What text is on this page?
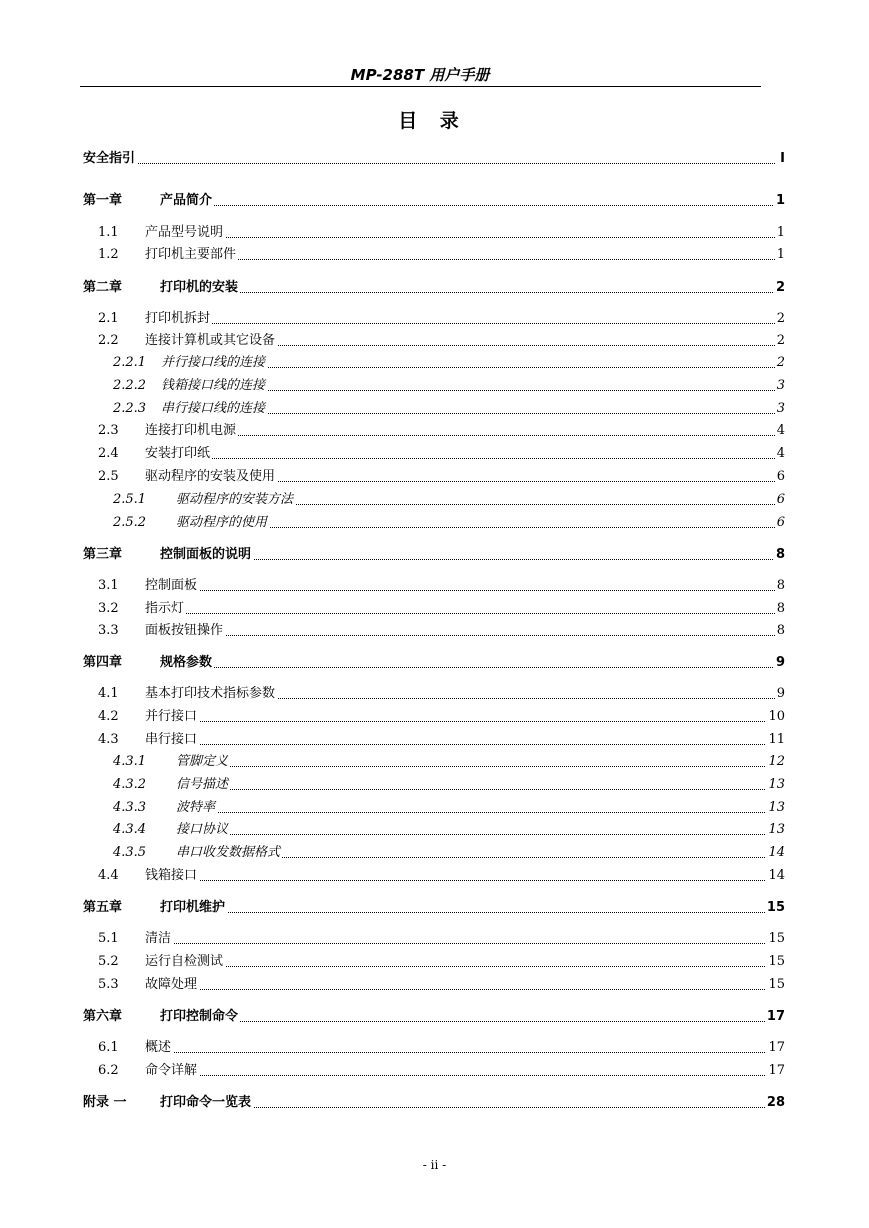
MP-288T 用户手册
目 录
安全指引	I
第一章	产品简介	1
1.1 产品型号说明	1
1.2 打印机主要部件	1
第二章	打印机的安装	2
2.1 打印机拆封	2
2.2 连接计算机或其它设备	2
2.2.1 并行接口线的连接	2
2.2.2 钱箱接口线的连接	3
2.2.3 串行接口线的连接	3
2.3 连接打印机电源	4
2.4 安装打印纸	4
2.5 驱动程序的安装及使用	6
2.5.1 驱动程序的安装方法	6
2.5.2 驱动程序的使用	6
第三章	控制面板的说明	8
3.1 控制面板	8
3.2 指示灯	8
3.3 面板按钮操作	8
第四章	规格参数	9
4.1 基本打印技术指标参数	9
4.2 并行接口	10
4.3 串行接口	11
4.3.1 管脚定义	12
4.3.2 信号描述	13
4.3.3 波特率	13
4.3.4 接口协议	13
4.3.5 串口收发数据格式	14
4.4 钱箱接口	14
第五章	打印机维护	15
5.1 清洁	15
5.2 运行自检测试	15
5.3 故障处理	15
第六章	打印控制命令	17
6.1 概述	17
6.2 命令详解	17
附录 一	打印命令一览表	28
- ii -
